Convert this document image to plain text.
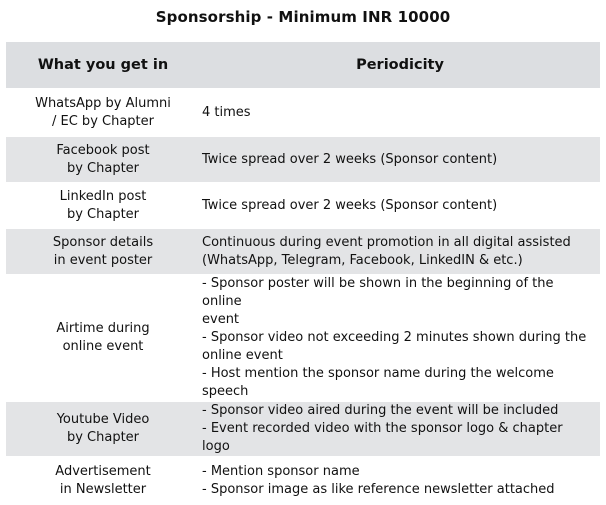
Sponsorship - Minimum INR 10000
What you get in	Periodicity

WhatsApp by Alumni
/ EC by Chapter	4 times

Facebook post
by Chapter	Twice spread over 2 weeks (Sponsor content)

LinkedIn post
by Chapter	Twice spread over 2 weeks (Sponsor content)

Sponsor details
in event poster	Continuous during event promotion in all digital assisted
(WhatsApp, Telegram, Facebook, LinkedIN & etc.)

Airtime during
online event	- Sponsor poster will be shown in the beginning of the online
event
- Sponsor video not exceeding 2 minutes shown during the
online event
- Host mention the sponsor name during the welcome speech

Youtube Video
by Chapter	- Sponsor video aired during the event will be included
- Event recorded video with the sponsor logo & chapter logo

Advertisement
in Newsletter	- Mention sponsor name
- Sponsor image as like reference newsletter attached
